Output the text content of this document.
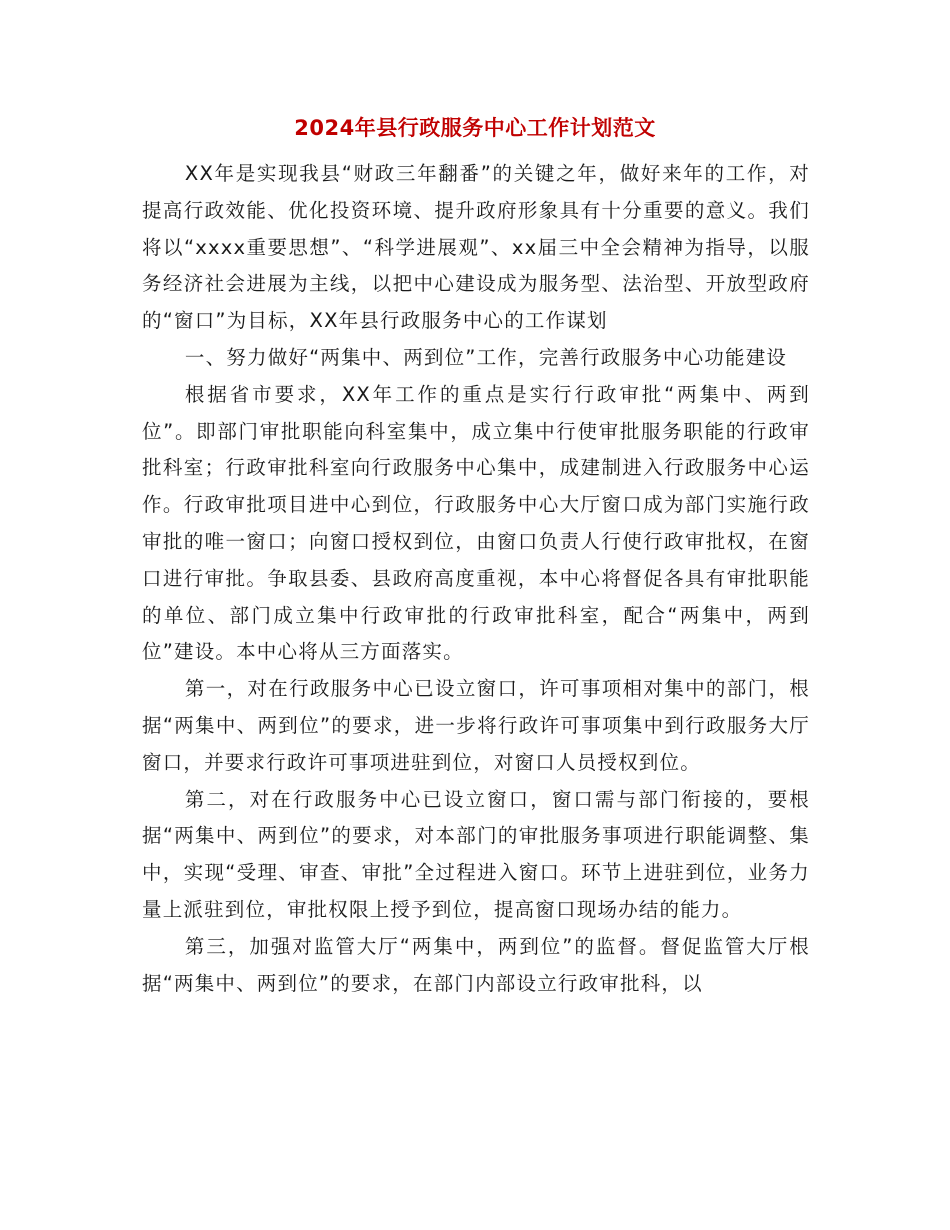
2024年县行政服务中心工作计划范文

XX年是实现我县“财政三年翻番”的关键之年，做好来年的工作，对提高行政效能、优化投资环境、提升政府形象具有十分重要的意义。我们将以“xxxx重要思想”、“科学进展观”、xx届三中全会精神为指导，以服务经济社会进展为主线，以把中心建设成为服务型、法治型、开放型政府的“窗口”为目标，XX年县行政服务中心的工作谋划

一、努力做好“两集中、两到位”工作，完善行政服务中心功能建设

根据省市要求，XX年工作的重点是实行行政审批“两集中、两到位”。即部门审批职能向科室集中，成立集中行使审批服务职能的行政审批科室；行政审批科室向行政服务中心集中，成建制进入行政服务中心运作。行政审批项目进中心到位，行政服务中心大厅窗口成为部门实施行政审批的唯一窗口；向窗口授权到位，由窗口负责人行使行政审批权，在窗口进行审批。争取县委、县政府高度重视，本中心将督促各具有审批职能的单位、部门成立集中行政审批的行政审批科室，配合“两集中，两到位”建设。本中心将从三方面落实。

第一，对在行政服务中心已设立窗口，许可事项相对集中的部门，根据“两集中、两到位”的要求，进一步将行政许可事项集中到行政服务大厅窗口，并要求行政许可事项进驻到位，对窗口人员授权到位。

第二，对在行政服务中心已设立窗口，窗口需与部门衔接的，要根据“两集中、两到位”的要求，对本部门的审批服务事项进行职能调整、集中，实现“受理、审查、审批”全过程进入窗口。环节上进驻到位，业务力量上派驻到位，审批权限上授予到位，提高窗口现场办结的能力。

第三，加强对监管大厅“两集中，两到位”的监督。督促监管大厅根据“两集中、两到位”的要求，在部门内部设立行政审批科，以
